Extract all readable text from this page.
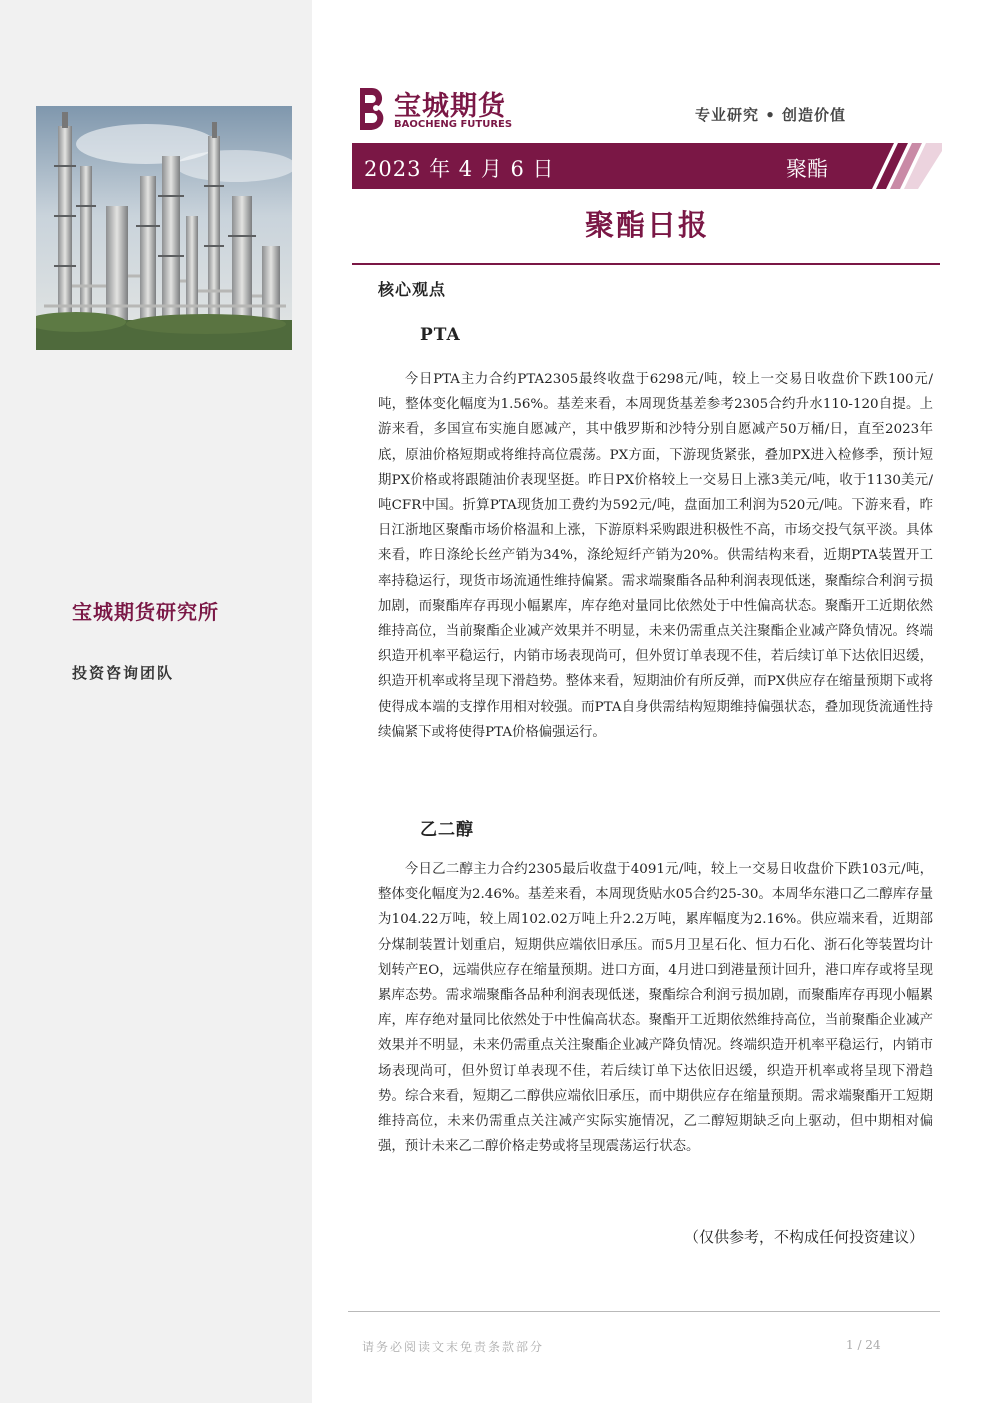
宝城期货研究所
投资咨询团队
宝城期货
BAOCHENG FUTURES
专业研究 • 创造价值
2023 年 4 月 6 日	聚酯
聚酯日报
核心观点
PTA

今日PTA主力合约PTA2305最终收盘于6298元/吨，较上一交易日收盘价下跌100元/吨，整体变化幅度为1.56%。基差来看，本周现货基差参考2305合约升水110-120自提。上游来看，多国宣布实施自愿减产，其中俄罗斯和沙特分别自愿减产50万桶/日，直至2023年底，原油价格短期或将维持高位震荡。PX方面，下游现货紧张，叠加PX进入检修季，预计短期PX价格或将跟随油价表现坚挺。昨日PX价格较上一交易日上涨3美元/吨，收于1130美元/吨CFR中国。折算PTA现货加工费约为592元/吨，盘面加工利润为520元/吨。下游来看，昨日江浙地区聚酯市场价格温和上涨，下游原料采购跟进积极性不高，市场交投气氛平淡。具体来看，昨日涤纶长丝产销为34%，涤纶短纤产销为20%。供需结构来看，近期PTA装置开工率持稳运行，现货市场流通性维持偏紧。需求端聚酯各品种利润表现低迷，聚酯综合利润亏损加剧，而聚酯库存再现小幅累库，库存绝对量同比依然处于中性偏高状态。聚酯开工近期依然维持高位，当前聚酯企业减产效果并不明显，未来仍需重点关注聚酯企业减产降负情况。终端织造开机率平稳运行，内销市场表现尚可，但外贸订单表现不佳，若后续订单下达依旧迟缓，织造开机率或将呈现下滑趋势。整体来看，短期油价有所反弹，而PX供应存在缩量预期下或将使得成本端的支撑作用相对较强。而PTA自身供需结构短期维持偏强状态，叠加现货流通性持续偏紧下或将使得PTA价格偏强运行。

乙二醇

今日乙二醇主力合约2305最后收盘于4091元/吨，较上一交易日收盘价下跌103元/吨，整体变化幅度为2.46%。基差来看，本周现货贴水05合约25-30。本周华东港口乙二醇库存量为104.22万吨，较上周102.02万吨上升2.2万吨，累库幅度为2.16%。供应端来看，近期部分煤制装置计划重启，短期供应端依旧承压。而5月卫星石化、恒力石化、浙石化等装置均计划转产EO，远端供应存在缩量预期。进口方面，4月进口到港量预计回升，港口库存或将呈现累库态势。需求端聚酯各品种利润表现低迷，聚酯综合利润亏损加剧，而聚酯库存再现小幅累库，库存绝对量同比依然处于中性偏高状态。聚酯开工近期依然维持高位，当前聚酯企业减产效果并不明显，未来仍需重点关注聚酯企业减产降负情况。终端织造开机率平稳运行，内销市场表现尚可，但外贸订单表现不佳，若后续订单下达依旧迟缓，织造开机率或将呈现下滑趋势。综合来看，短期乙二醇供应端依旧承压，而中期供应存在缩量预期。需求端聚酯开工短期维持高位，未来仍需重点关注减产实际实施情况，乙二醇短期缺乏向上驱动，但中期相对偏强，预计未来乙二醇价格走势或将呈现震荡运行状态。

（仅供参考，不构成任何投资建议）
请务必阅读文末免责条款部分	1 / 24
